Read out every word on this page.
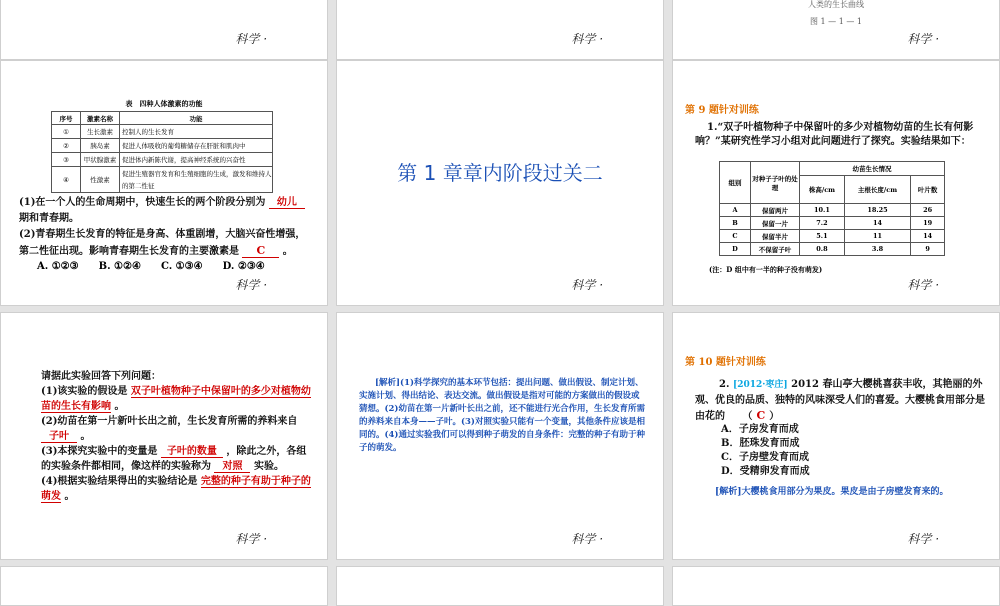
科学 ·	科学 ·
人类的生长曲线
图 1 — 1 — 1
科学 ·
表　四种人体激素的功能
序号	激素名称	功能
①	生长激素	控制人的生长发育
②	胰岛素	促进人体吸收的葡萄糖储存在肝脏和肌肉中
③	甲状腺激素	促进体内新陈代谢，提高神经系统的兴奋性
④	性激素	促进生殖器官发育和生殖细胞的生成，激发和维持人的第二性征
(1)在一个人的生命周期中，快速生长的两个阶段分别为 幼儿 期和青春期。
(2)青春期生长发育的特征是身高、体重剧增，大脑兴奋性增强，第二性征出现。影响青春期生长发育的主要激素是 C 。
A. ①②③ B. ①②④ C. ①③④ D. ②③④
科学 ·
第 1 章章内阶段过关二
科学 ·
第 9 题针对训练
1.“双子叶植物种子中保留叶的多少对植物幼苗的生长有何影响？”某研究性学习小组对此问题进行了探究。实验结果如下：
组别	对种子子叶的处理	幼苗生长情况		
		株高/cm	主根长度/cm	叶片数
A	保留两片	10.1	18.25	26
B	保留一片	7.2	14	19
C	保留半片	5.1	11	14
D	不保留子叶	0.8	3.8	9
(注：D 组中有一半的种子没有萌发)
科学 ·
请据此实验回答下列问题：
(1)该实验的假设是 双子叶植物种子中保留叶的多少对植物幼苗的生长有影响 。
(2)幼苗在第一片新叶长出之前，生长发育所需的养料来自 子叶 。
(3)本探究实验中的变量是 子叶的数量 ，除此之外，各组的实验条件都相同，像这样的实验称为 对照 实验。
(4)根据实验结果得出的实验结论是 完整的种子有助于种子的萌发 。
科学 ·
[解析](1)科学探究的基本环节包括：提出问题、做出假设、制定计划、实施计划、得出结论、表达交流。做出假设是指对可能的方案做出的假设或猜想。(2)幼苗在第一片新叶长出之前，还不能进行光合作用，生长发育所需的养料来自本身——子叶。(3)对照实验只能有一个变量，其他条件应该是相同的。(4)通过实验我们可以得到种子萌发的自身条件：完整的种子有助于种子的萌发。
科学 ·
第 10 题针对训练
2. [2012·枣庄] 2012 春山亭大樱桃喜获丰收，其艳丽的外观、优良的品质、独特的风味深受人们的喜爱。大樱桃食用部分是由花的 （ C ）
A．子房发育而成
B．胚珠发育而成
C．子房壁发育而成
D．受精卵发育而成
[解析]大樱桃食用部分为果皮。果皮是由子房壁发育来的。
科学 ·
